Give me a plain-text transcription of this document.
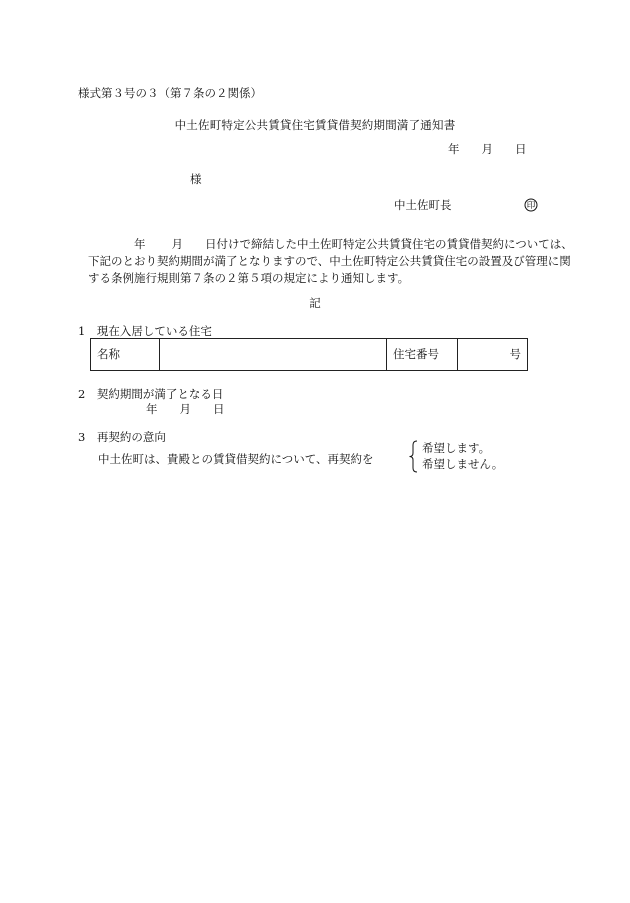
様式第３号の３（第７条の２関係）
中土佐町特定公共賃貸住宅賃貸借契約期間満了通知書
年 月 日
様
中土佐町長	印
年 月 日付けで締結した中土佐町特定公共賃貸住宅の賃貸借契約については、
下記のとおり契約期間が満了となりますので、中土佐町特定公共賃貸住宅の設置及び管理に関
する条例施行規則第７条の２第５項の規定により通知します。
記
1　現在入居している住宅
名称		住宅番号	号
2　契約期間が満了となる日
年 月 日
3　再契約の意向
中土佐町は、貴殿との賃貸借契約について、再契約を
希望します。
希望しません。
